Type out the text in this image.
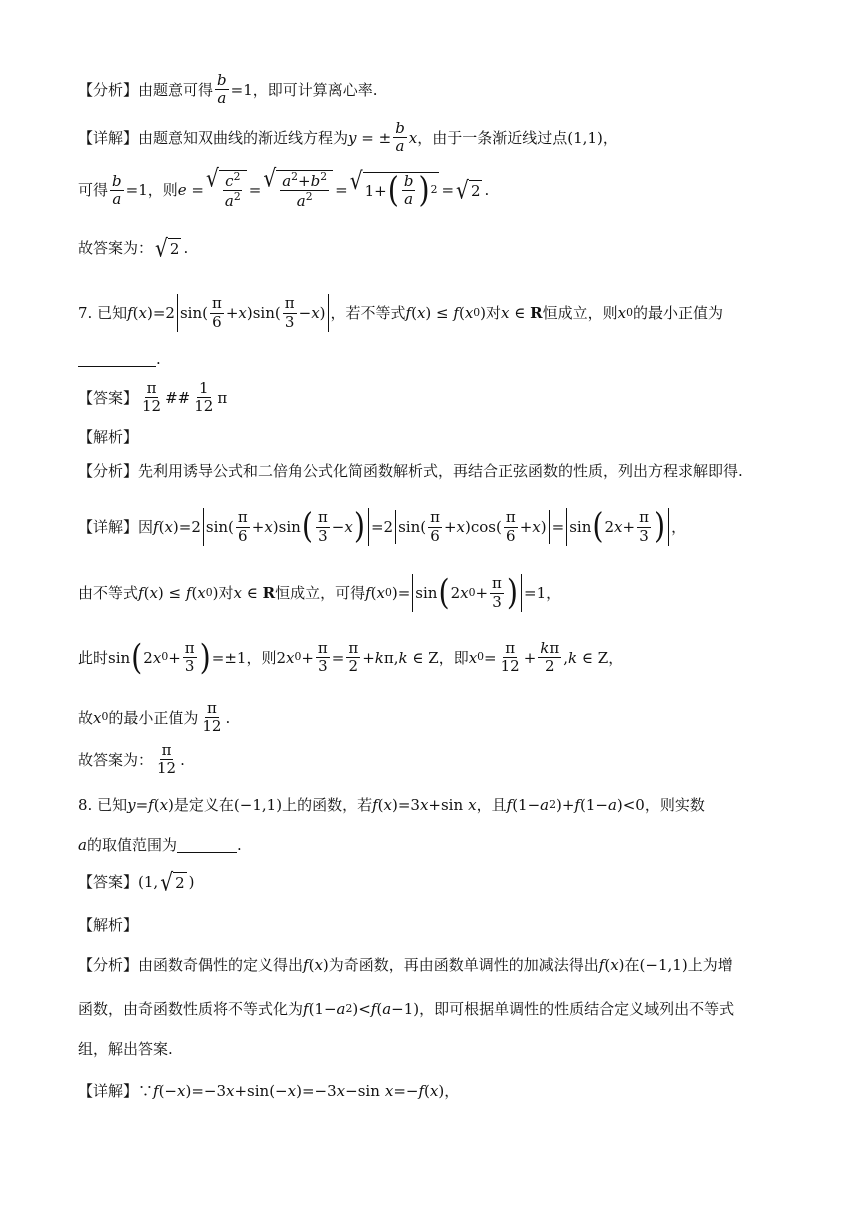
【分析】由题意可得 $\frac{b}{a} =1$ ，即可计算离心率.
【详解】由题意知双曲线的渐近线方程为 y = ± $\frac{b}{a}$ x ，由于一条渐近线过点 (1,1) ，
可得 $\frac{b}{a} =1$ ，则 e = √ $\frac{c^2}{a^2}$ = √ $\frac{a^2+b^2}{a^2}$ = √ 1+ ( $\frac{b}{a}$ ) 2 = √ 2 .
故答案为： √ 2 .
7. 已知 f ( x )=2
$\sin( \frac{\pi}{6} + x$ )$\sin( \frac{\pi}{3} - x$ ) ，若不等式 f ( x ) ≤ f ( x 0 ) 对 x ∈ R 恒成立，则 x 0 的最小正值为
.
【答案】 $\frac{\pi}{12}$ ## $\frac{1}{12}$ π
【解析】
【分析】先利用诱导公式和二倍角公式化简函数解析式，再结合正弦函数的性质，列出方程求解即得.
【详解】因 f ( x )=2 $\sin( \frac{\pi}{6} + x$ )sin ( $\frac{\pi}{3} - x$ ) =2 $\sin( \frac{\pi}{6} + x$ )$\cos( \frac{\pi}{6} + x$ ) = sin ( 2 $x + \frac{\pi}{3}$ ) ，
由不等式 f ( x ) ≤ f ( x 0 ) 对 x ∈ R 恒成立，可得 f ( x 0 )= sin ( 2 x $0 + \frac{\pi}{3}$ ) =1 ，
此时 sin ( 2 x $0 + \frac{\pi}{3}$ ) =±1 ，则 2 x $0 + \frac{\pi}{3} = \frac{\pi}{2} + k$ π, k ∈ Z ，即 x $0 = \frac{\pi}{12} + \frac{k\pi}{2}$ , k ∈ Z ，
故 x 0 的最小正值为 $\frac{\pi}{12}$ .
故答案为： $\frac{\pi}{12}$ .
8. 已知 y = f ( x ) 是定义在 (−1,1) 上的函数，若 f ( x )=3 x +sin x ，且 f (1− a 2 )+ f (1− a )<0 ，则实数
a 的取值范围为	.
【答案】 (1, √ 2 )
【解析】
【分析】由函数奇偶性的定义得出 f ( x ) 为奇函数，再由函数单调性的加减法得出 f ( x ) 在 (−1,1) 上为增
函数，由奇函数性质将不等式化为 f (1− a 2 )< f ( a −1) ，即可根据单调性的性质结合定义域列出不等式
组，解出答案.
【详解】∵ f (− x )=−3 x +sin(− x )=−3 x −sin x =− f ( x ) ，
